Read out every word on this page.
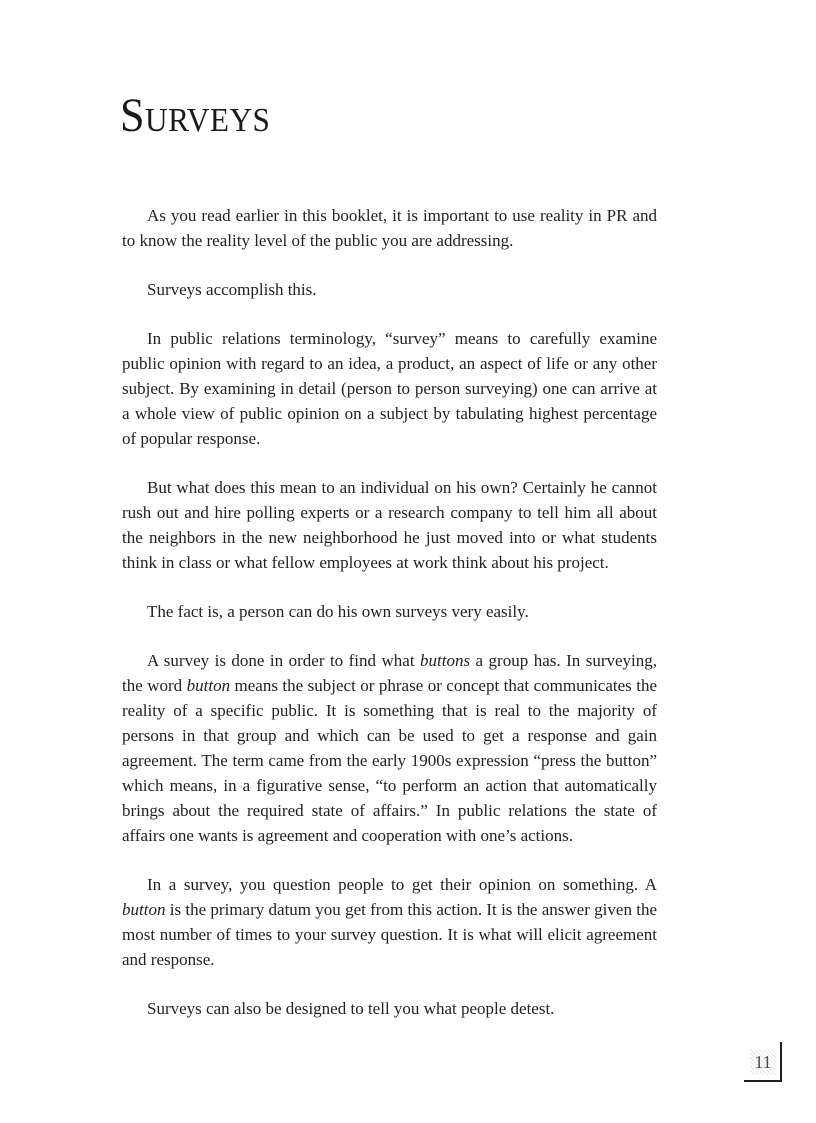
Surveys

As you read earlier in this booklet, it is important to use reality in PR and to know the reality level of the public you are addressing.

Surveys accomplish this.

In public relations terminology, “survey” means to carefully examine public opinion with regard to an idea, a product, an aspect of life or any other subject. By examining in detail (person to person surveying) one can arrive at a whole view of public opinion on a subject by tabulating highest percentage of popular response.

But what does this mean to an individual on his own? Certainly he cannot rush out and hire polling experts or a research company to tell him all about the neighbors in the new neighborhood he just moved into or what students think in class or what fellow employees at work think about his project.

The fact is, a person can do his own surveys very easily.

A survey is done in order to find what buttons a group has. In surveying, the word button means the subject or phrase or concept that communicates the reality of a specific public. It is something that is real to the majority of persons in that group and which can be used to get a response and gain agreement. The term came from the early 1900s expression “press the button” which means, in a figurative sense, “to perform an action that automatically brings about the required state of affairs.” In public relations the state of affairs one wants is agreement and cooperation with one’s actions.

In a survey, you question people to get their opinion on something. A button is the primary datum you get from this action. It is the answer given the most number of times to your survey question. It is what will elicit agreement and response.

Surveys can also be designed to tell you what people detest.

11
